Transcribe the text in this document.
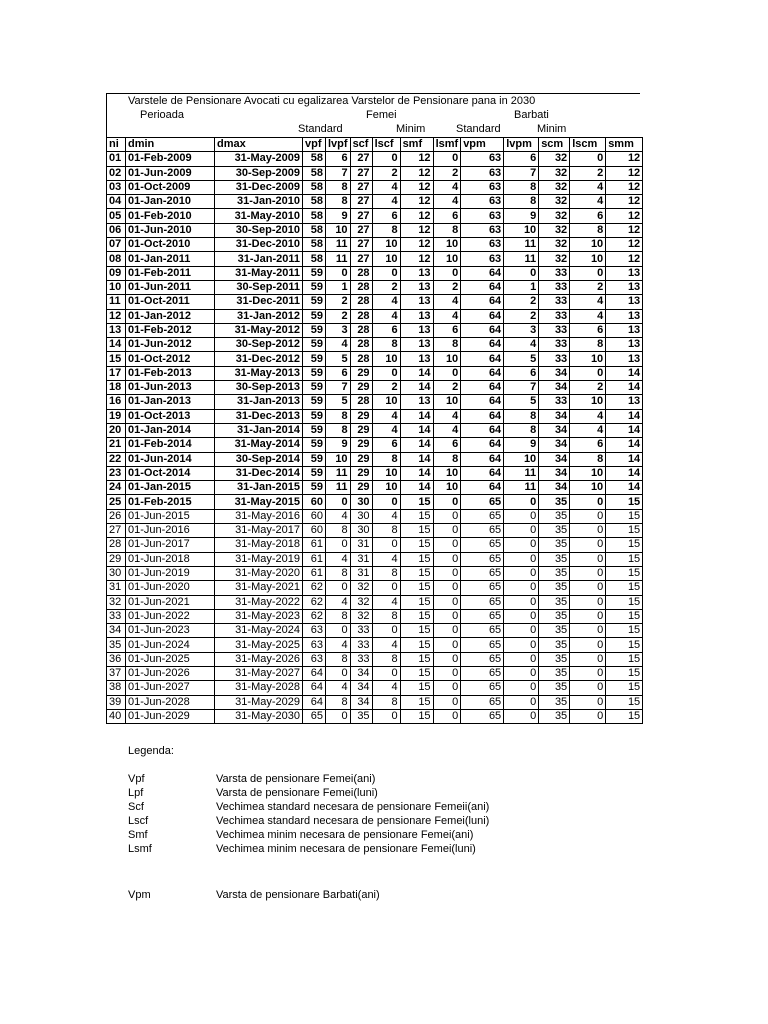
Varstele de Pensionare Avocati cu egalizarea Varstelor de Pensionare pana in 2030
Perioada	Femei	Barbati
Standard	Minim	Standard	Minim
ni	dmin	dmax	vpf	lvpf	scf	lscf	smf	lsmf	vpm	lvpm	scm	lscm	smm
01	01-Feb-2009	31-May-2009	58	6	27	0	12	0	63	6	32	0	12
02	01-Jun-2009	30-Sep-2009	58	7	27	2	12	2	63	7	32	2	12
03	01-Oct-2009	31-Dec-2009	58	8	27	4	12	4	63	8	32	4	12
04	01-Jan-2010	31-Jan-2010	58	8	27	4	12	4	63	8	32	4	12
05	01-Feb-2010	31-May-2010	58	9	27	6	12	6	63	9	32	6	12
06	01-Jun-2010	30-Sep-2010	58	10	27	8	12	8	63	10	32	8	12
07	01-Oct-2010	31-Dec-2010	58	11	27	10	12	10	63	11	32	10	12
08	01-Jan-2011	31-Jan-2011	58	11	27	10	12	10	63	11	32	10	12
09	01-Feb-2011	31-May-2011	59	0	28	0	13	0	64	0	33	0	13
10	01-Jun-2011	30-Sep-2011	59	1	28	2	13	2	64	1	33	2	13
11	01-Oct-2011	31-Dec-2011	59	2	28	4	13	4	64	2	33	4	13
12	01-Jan-2012	31-Jan-2012	59	2	28	4	13	4	64	2	33	4	13
13	01-Feb-2012	31-May-2012	59	3	28	6	13	6	64	3	33	6	13
14	01-Jun-2012	30-Sep-2012	59	4	28	8	13	8	64	4	33	8	13
15	01-Oct-2012	31-Dec-2012	59	5	28	10	13	10	64	5	33	10	13
17	01-Feb-2013	31-May-2013	59	6	29	0	14	0	64	6	34	0	14
18	01-Jun-2013	30-Sep-2013	59	7	29	2	14	2	64	7	34	2	14
16	01-Jan-2013	31-Jan-2013	59	5	28	10	13	10	64	5	33	10	13
19	01-Oct-2013	31-Dec-2013	59	8	29	4	14	4	64	8	34	4	14
20	01-Jan-2014	31-Jan-2014	59	8	29	4	14	4	64	8	34	4	14
21	01-Feb-2014	31-May-2014	59	9	29	6	14	6	64	9	34	6	14
22	01-Jun-2014	30-Sep-2014	59	10	29	8	14	8	64	10	34	8	14
23	01-Oct-2014	31-Dec-2014	59	11	29	10	14	10	64	11	34	10	14
24	01-Jan-2015	31-Jan-2015	59	11	29	10	14	10	64	11	34	10	14
25	01-Feb-2015	31-May-2015	60	0	30	0	15	0	65	0	35	0	15
26	01-Jun-2015	31-May-2016	60	4	30	4	15	0	65	0	35	0	15
27	01-Jun-2016	31-May-2017	60	8	30	8	15	0	65	0	35	0	15
28	01-Jun-2017	31-May-2018	61	0	31	0	15	0	65	0	35	0	15
29	01-Jun-2018	31-May-2019	61	4	31	4	15	0	65	0	35	0	15
30	01-Jun-2019	31-May-2020	61	8	31	8	15	0	65	0	35	0	15
31	01-Jun-2020	31-May-2021	62	0	32	0	15	0	65	0	35	0	15
32	01-Jun-2021	31-May-2022	62	4	32	4	15	0	65	0	35	0	15
33	01-Jun-2022	31-May-2023	62	8	32	8	15	0	65	0	35	0	15
34	01-Jun-2023	31-May-2024	63	0	33	0	15	0	65	0	35	0	15
35	01-Jun-2024	31-May-2025	63	4	33	4	15	0	65	0	35	0	15
36	01-Jun-2025	31-May-2026	63	8	33	8	15	0	65	0	35	0	15
37	01-Jun-2026	31-May-2027	64	0	34	0	15	0	65	0	35	0	15
38	01-Jun-2027	31-May-2028	64	4	34	4	15	0	65	0	35	0	15
39	01-Jun-2028	31-May-2029	64	8	34	8	15	0	65	0	35	0	15
40	01-Jun-2029	31-May-2030	65	0	35	0	15	0	65	0	35	0	15
Legenda:
Vpf	Varsta de pensionare Femei(ani)
Lpf	Varsta de pensionare Femei(luni)
Scf	Vechimea standard necesara de pensionare Femeii(ani)
Lscf	Vechimea standard necesara de pensionare Femei(luni)
Smf	Vechimea minim necesara de pensionare Femei(ani)
Lsmf	Vechimea minim necesara de pensionare Femei(luni)
Vpm	Varsta de pensionare Barbati(ani)
